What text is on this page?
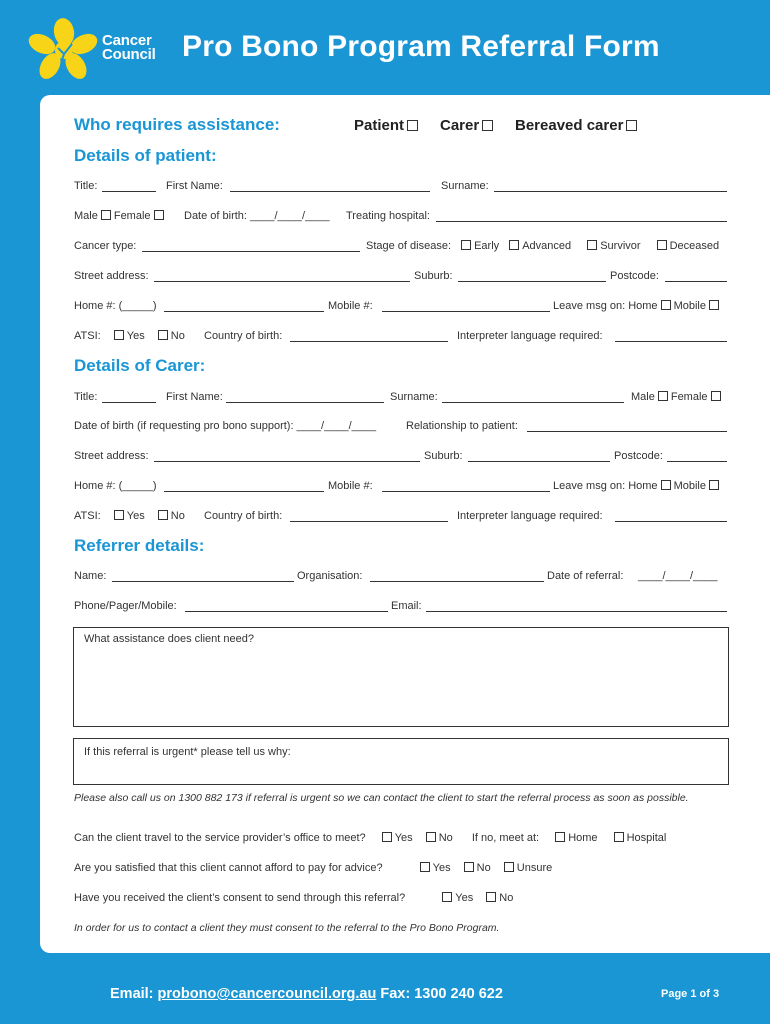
Cancer
Council Pro Bono Program Referral Form
Who requires assistance:	Patient	Carer	Bereaved carer
Details of patient:
Title:	First Name:	Surname:
Male Female	Date of birth: ____/____/____ Treating hospital:
Cancer type:	Stage of disease: Early Advanced	Survivor	Deceased
Street address:	Suburb:	Postcode:
Home #: (_____)	Mobile #:	Leave msg on: Home Mobile
ATSI: Yes No Country of birth:	Interpreter language required:
Details of Carer:
Title:	First Name:	Surname:	Male Female
Date of birth (if requesting pro bono support): ____/____/____	Relationship to patient:
Street address:	Suburb:	Postcode:
Home #: (_____)	Mobile #:	Leave msg on: Home Mobile
ATSI: Yes No Country of birth:	Interpreter language required:
Referrer details:
Name:	Organisation:	Date of referral: ____/____/____
Phone/Pager/Mobile:	Email:
What assistance does client need?
If this referral is urgent* please tell us why:
Please also call us on 1300 882 173 if referral is urgent so we can contact the client to start the referral process as soon as possible.
Can the client travel to the service provider’s office to meet?	Yes No If no, meet at:	Home	Hospital
Are you satisfied that this client cannot afford to pay for advice?	Yes No Unsure
Have you received the client’s consent to send through this referral?	Yes No
In order for us to contact a client they must consent to the referral to the Pro Bono Program.
Email: probono@cancercouncil.org.au Fax: 1300 240 622	Page 1 of 3
